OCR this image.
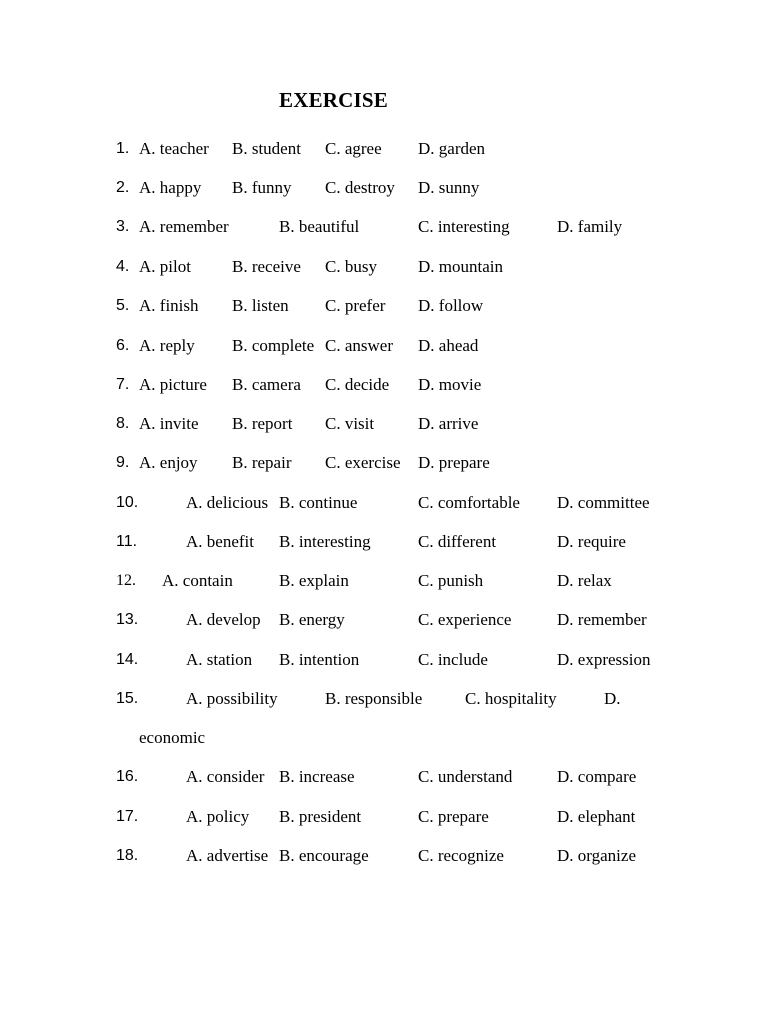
EXERCISE
1. A. teacher B. student C. agree D. garden
2. A. happy B. funny C. destroy D. sunny
3. A. remember	B. beautiful	C. interesting	D. family
4. A. pilot B. receive C. busy D. mountain
5. A. finish B. listen C. prefer D. follow
6. A. reply B. complete C. answer D. ahead
7. A. picture B. camera C. decide D. movie
8. A. invite B. report C. visit	D. arrive
9. A. enjoy B. repair C. exercise D. prepare
10.	A. delicious B. continue	C. comfortable D. committee
11.	A. benefit B. interesting	C. different	D. require
12. A. contain	B. explain	C. punish	D. relax
13.	A. develop B. energy	C. experience	D. remember
14.	A. station B. intention	C. include	D. expression
15.	A. possibility	B. responsible	C. hospitality	D.
economic
16.	A. consider B. increase	C. understand	D. compare
17.	A. policy B. president	C. prepare	D. elephant
18.	A. advertise B. encourage	C. recognize	D. organize
